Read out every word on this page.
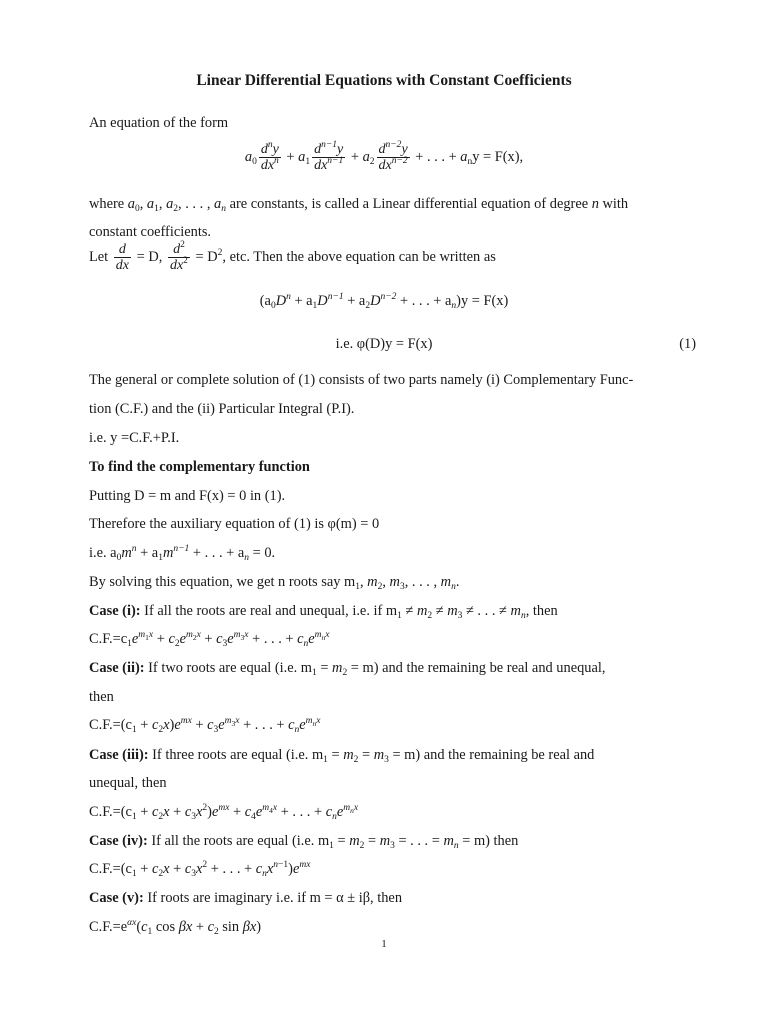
Linear Differential Equations with Constant Coefficients
An equation of the form
$a_0 \frac{d^ny}{dx^n} + a_1 \frac{d^{n-1}y}{dx^{n-1}} + a_2 \frac{d^{n-2}y}{dx^{n-2}}$ + . . . + $a_ny = F(x)$,
where $a_0$, $a_1$, $a_2$, . . . , $a_n$ are constants, is called a Linear differential equation of degree n with
constant coefficients.
Let $\frac{d}{dx} = D$, $\frac{d^2}{dx^2} = D^2$, etc. Then the above equation can be written as
($a_0D^n + a_1D^{n-1} + a_2D^{n-2}$ + . . . + $a_n)y = F(x)$
i.e. φ(D)y = F(x)	(1)
The general or complete solution of (1) consists of two parts namely (i) Complementary Func-
tion (C.F.) and the (ii) Particular Integral (P.I).
i.e. y =C.F.+P.I.
To find the complementary function
Putting D = m and F(x) = 0 in (1).
Therefore the auxiliary equation of (1) is φ(m) = 0
i.e. $a_0m^n + a_1m^{n-1}$ + . . . + $a_n = 0$.
By solving this equation, we get n roots say $m_1$, $m_2$, $m_3$, . . . , $m_n$.
Case (i): If all the roots are real and unequal, i.e. if $m_1 \ne m_2 \ne m_3$ ≠ . . . ≠ $m_n$, then
$C.F.=c_1e^{m_1x} + c_2e^{m_2x} + c_3e^{m_3x}$ + . . . + $c_ne^{m_nx}$
Case (ii): If two roots are equal (i.e. $m_1 = m_2 = m$) and the remaining be real and unequal,
then
$C.F.=(c_1 + c_2x)e^{mx} + c_3e^{m_3x}$ + . . . + $c_ne^{m_nx}$
Case (iii): If three roots are equal (i.e. $m_1 = m_2 = m_3 = m$) and the remaining be real and
unequal, then
$C.F.=(c_1 + c_2x + c_3x^2)e^{mx} + c_4e^{m_4x}$ + . . . + $c_ne^{m_nx}$
Case (iv): If all the roots are equal (i.e. $m_1 = m_2 = m_3$ = . . . = $m_n = m$) then
$C.F.=(c_1 + c_2x + c_3x^2$ + . . . + $c_nx^{n-1})e^{mx}$
Case (v): If roots are imaginary i.e. if m = α ± iβ, then
$C.F.=e^{\alpha x}(c_1$ $\cos \beta x + c_2$ sin βx)
1
